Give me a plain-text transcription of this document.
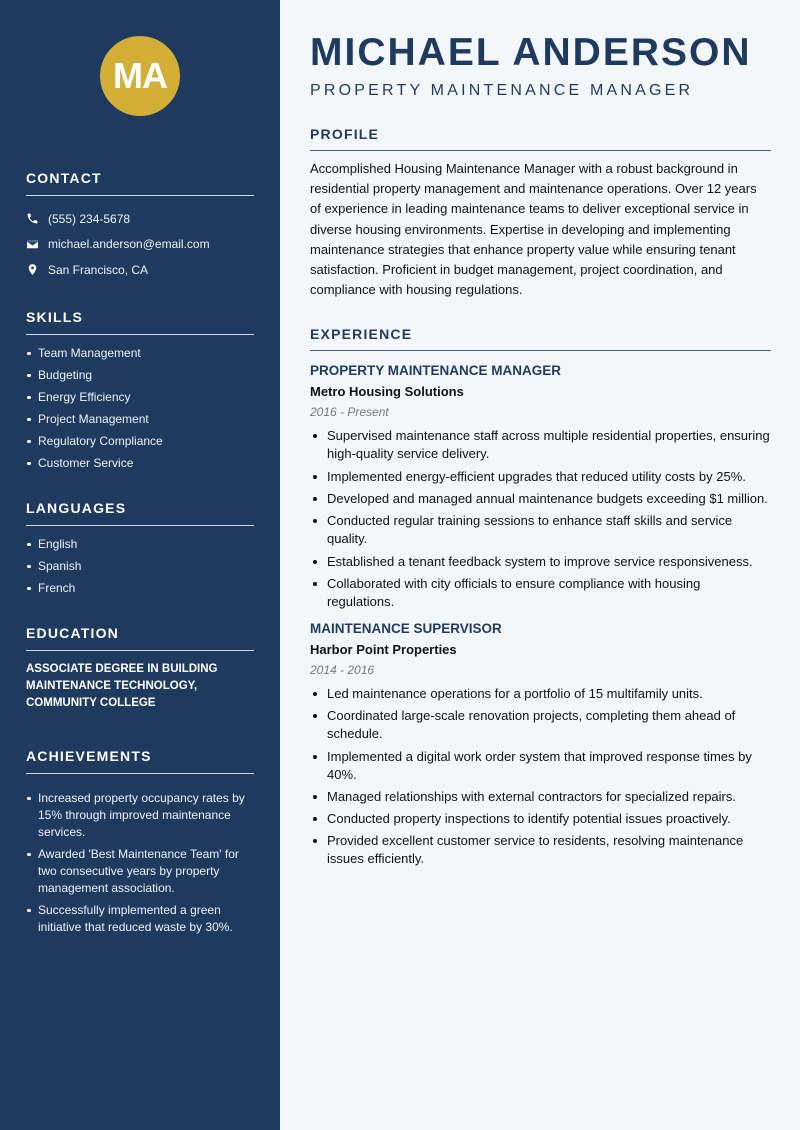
MA
CONTACT
(555) 234-5678
michael.anderson@email.com
San Francisco, CA
SKILLS
Team Management
Budgeting
Energy Efficiency
Project Management
Regulatory Compliance
Customer Service
LANGUAGES
English
Spanish
French
EDUCATION
ASSOCIATE DEGREE IN BUILDING MAINTENANCE TECHNOLOGY, COMMUNITY COLLEGE
ACHIEVEMENTS
Increased property occupancy rates by 15% through improved maintenance services.
Awarded 'Best Maintenance Team' for two consecutive years by property management association.
Successfully implemented a green initiative that reduced waste by 30%.
MICHAEL ANDERSON
PROPERTY MAINTENANCE MANAGER
PROFILE
Accomplished Housing Maintenance Manager with a robust background in residential property management and maintenance operations. Over 12 years of experience in leading maintenance teams to deliver exceptional service in diverse housing environments. Expertise in developing and implementing maintenance strategies that enhance property value while ensuring tenant satisfaction. Proficient in budget management, project coordination, and compliance with housing regulations.
EXPERIENCE
PROPERTY MAINTENANCE MANAGER
Metro Housing Solutions
2016 - Present
Supervised maintenance staff across multiple residential properties, ensuring high-quality service delivery.
Implemented energy-efficient upgrades that reduced utility costs by 25%.
Developed and managed annual maintenance budgets exceeding $1 million.
Conducted regular training sessions to enhance staff skills and service quality.
Established a tenant feedback system to improve service responsiveness.
Collaborated with city officials to ensure compliance with housing regulations.
MAINTENANCE SUPERVISOR
Harbor Point Properties
2014 - 2016
Led maintenance operations for a portfolio of 15 multifamily units.
Coordinated large-scale renovation projects, completing them ahead of schedule.
Implemented a digital work order system that improved response times by 40%.
Managed relationships with external contractors for specialized repairs.
Conducted property inspections to identify potential issues proactively.
Provided excellent customer service to residents, resolving maintenance issues efficiently.
